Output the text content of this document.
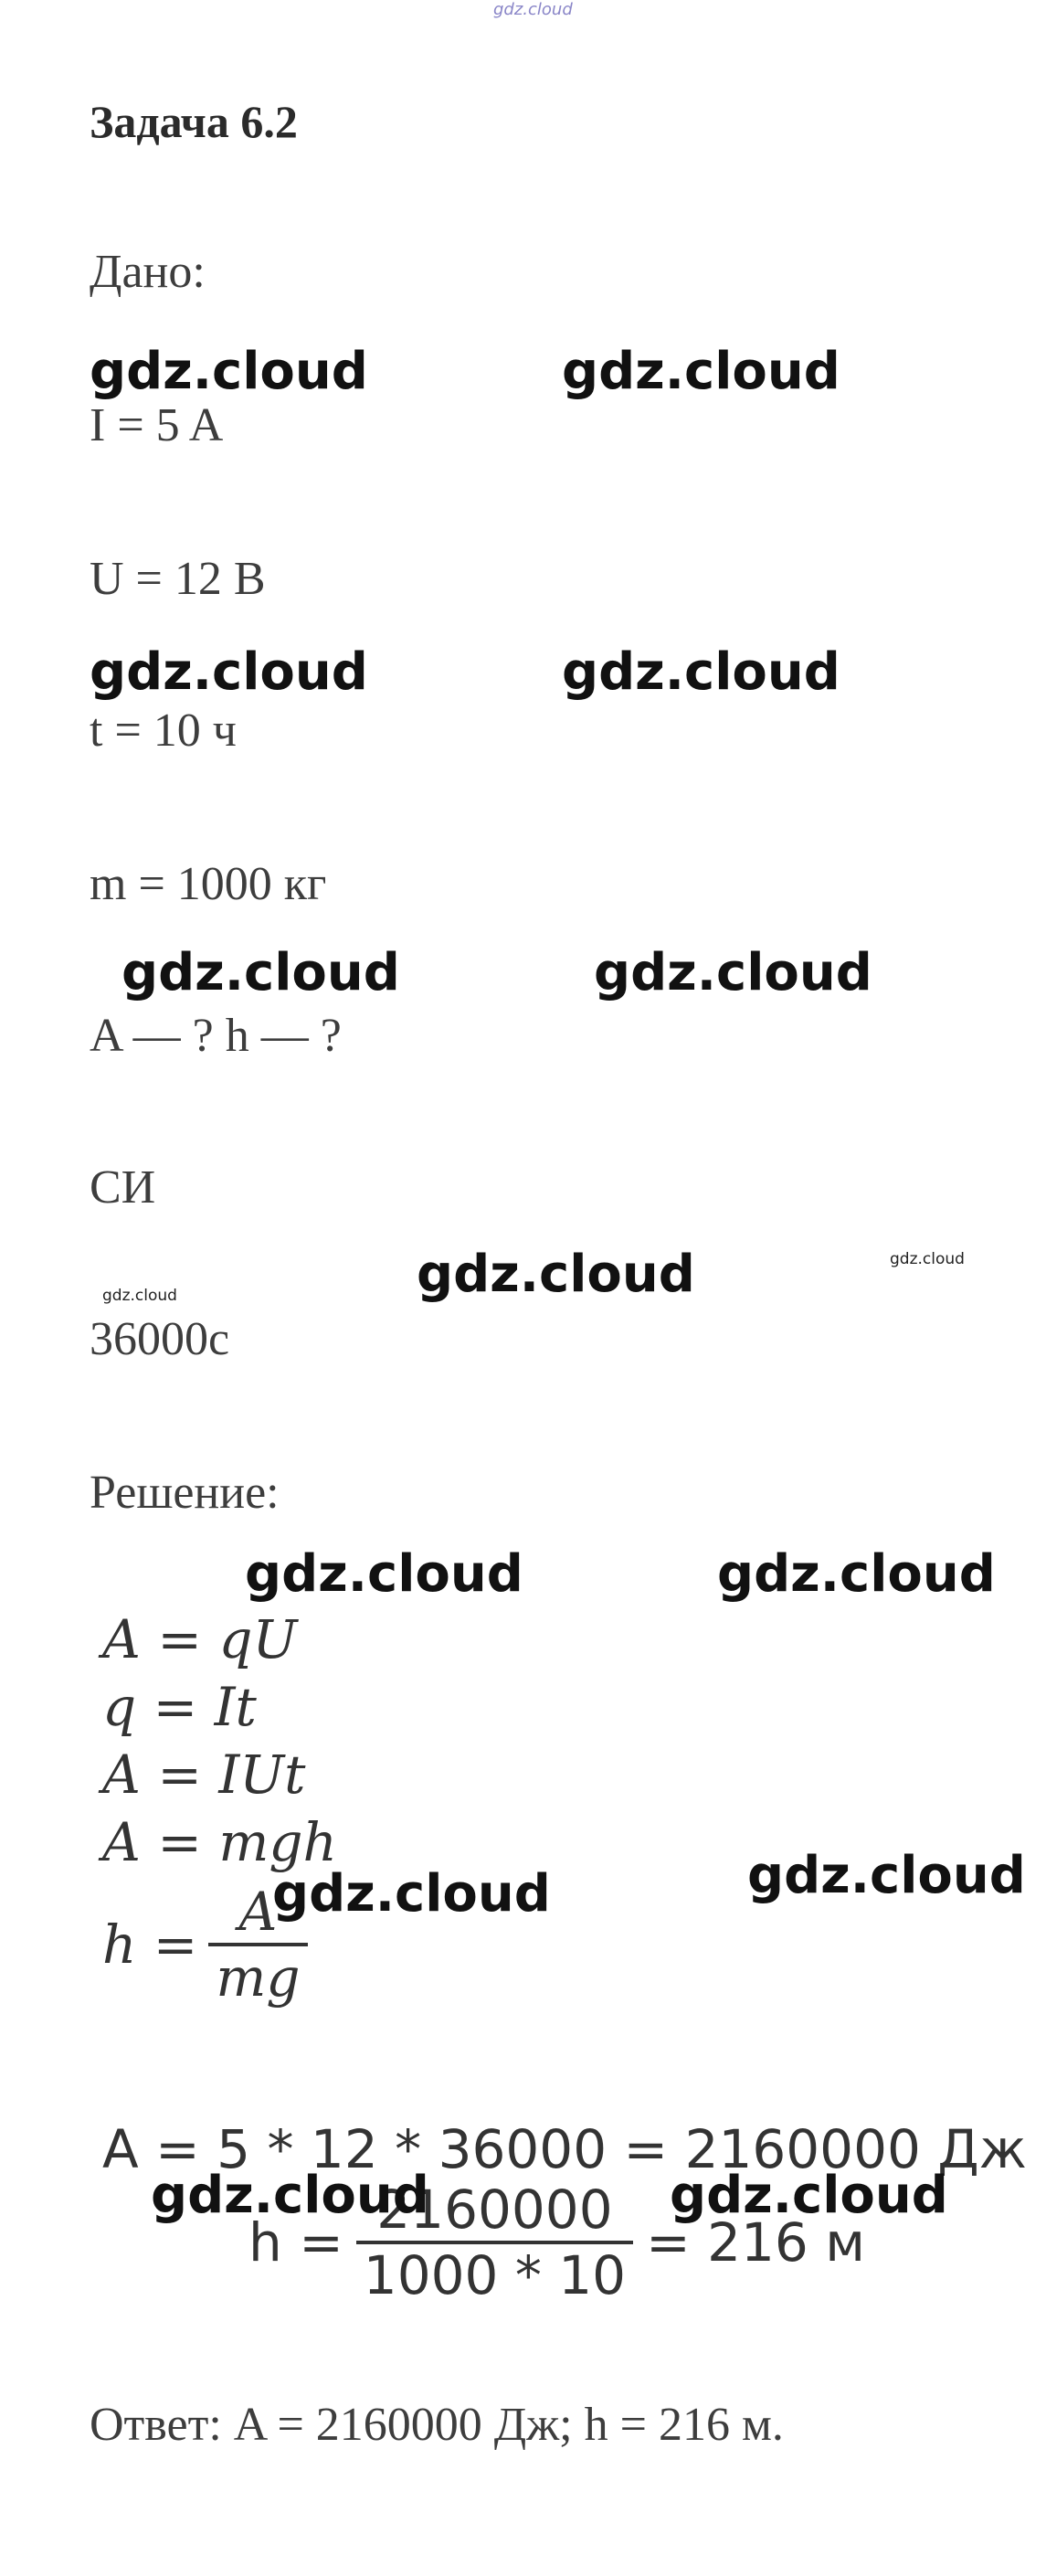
gdz.cloud
Задача 6.2
Дано:
gdz.cloud	gdz.cloud
I = 5 A
U = 12 B
gdz.cloud	gdz.cloud
t = 10 ч
m = 1000 кг
gdz.cloud	gdz.cloud
A — ? h — ?
СИ
gdz.cloud	gdz.cloud	gdz.cloud
36000с
Решение:
gdz.cloud	gdz.cloud
A = qU
q = It
A = IUt
A = mgh
$h = \frac{A}{mg}$
gdz.cloud	gdz.cloud
A = 5 * 12 * 36000 = 2160000 Дж
$h = \frac{2160000}{1000 * 10} = 216$ м
gdz.cloud	gdz.cloud
Ответ: A = 2160000 Дж; h = 216 м.
